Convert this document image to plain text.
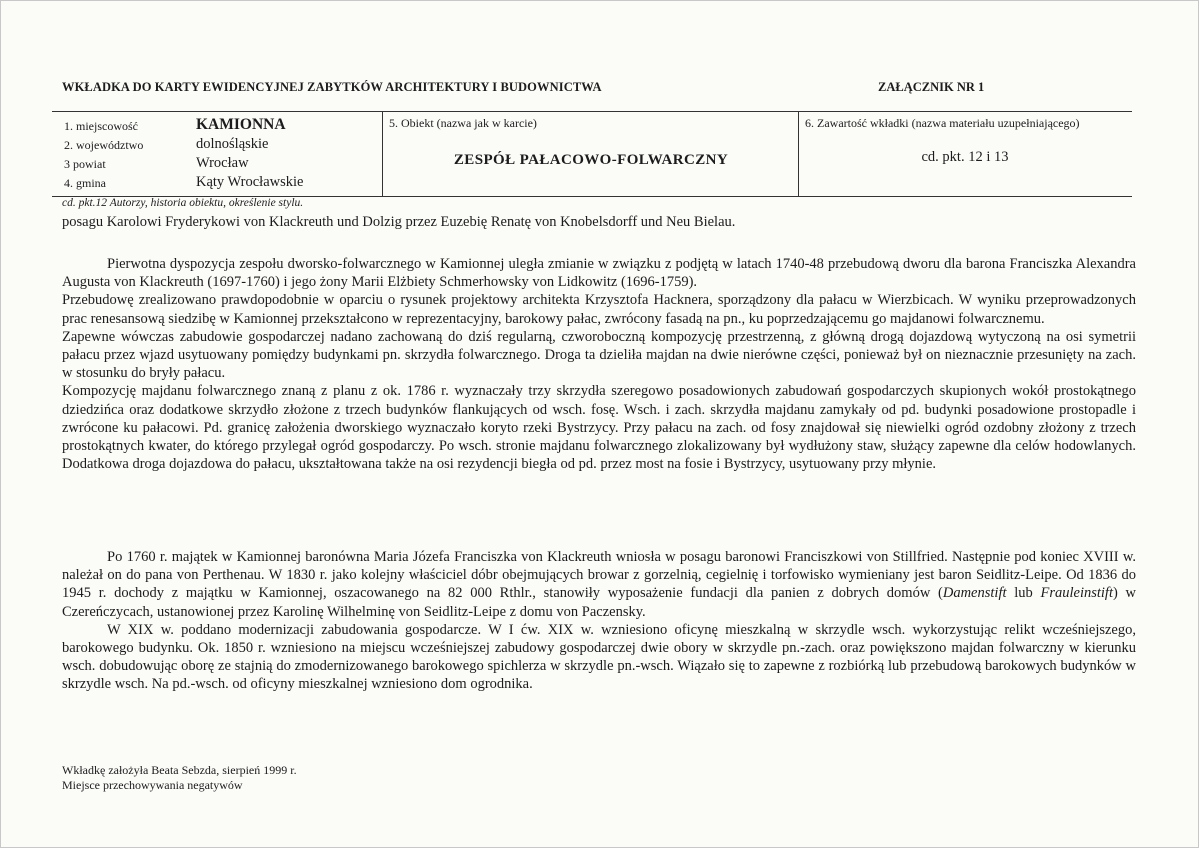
WKŁADKA DO KARTY EWIDENCYJNEJ ZABYTKÓW ARCHITEKTURY I BUDOWNICTWA	ZAŁĄCZNIK NR 1
1. miejscowość	KAMIONNA
2. województwo	dolnośląskie
3 powiat	Wrocław
4. gmina	Kąty Wrocławskie
5. Obiekt (nazwa jak w karcie)
ZESPÓŁ PAŁACOWO-FOLWARCZNY
6. Zawartość wkładki (nazwa materiału uzupełniającego)
cd. pkt. 12 i 13
cd. pkt.12 Autorzy, historia obiektu, określenie stylu.
posagu Karolowi Fryderykowi von Klackreuth und Dolzig przez Euzebię Renatę von Knobelsdorff und Neu Bielau.

Pierwotna dyspozycja zespołu dworsko-folwarcznego w Kamionnej uległa zmianie w związku z podjętą w latach 1740-48 przebudową dworu dla barona Franciszka Alexandra Augusta von Klackreuth (1697-1760) i jego żony Marii Elżbiety Schmerhowsky von Lidkowitz (1696-1759).

Przebudowę zrealizowano prawdopodobnie w oparciu o rysunek projektowy architekta Krzysztofa Hacknera, sporządzony dla pałacu w Wierzbicach. W wyniku przeprowadzonych prac renesansową siedzibę w Kamionnej przekształcono w reprezentacyjny, barokowy pałac, zwrócony fasadą na pn., ku poprzedzającemu go majdanowi folwarcznemu.

Zapewne wówczas zabudowie gospodarczej nadano zachowaną do dziś regularną, czworoboczną kompozycję przestrzenną, z główną drogą dojazdową wytyczoną na osi symetrii pałacu przez wjazd usytuowany pomiędzy budynkami pn. skrzydła folwarcznego. Droga ta dzieliła majdan na dwie nierówne części, ponieważ był on nieznacznie przesunięty na zach. w stosunku do bryły pałacu.

Kompozycję majdanu folwarcznego znaną z planu z ok. 1786 r. wyznaczały trzy skrzydła szeregowo posadowionych zabudowań gospodarczych skupionych wokół prostokątnego dziedzińca oraz dodatkowe skrzydło złożone z trzech budynków flankujących od wsch. fosę. Wsch. i zach. skrzydła majdanu zamykały od pd. budynki posadowione prostopadle i zwrócone ku pałacowi. Pd. granicę założenia dworskiego wyznaczało koryto rzeki Bystrzycy. Przy pałacu na zach. od fosy znajdował się niewielki ogród ozdobny złożony z trzech prostokątnych kwater, do którego przylegał ogród gospodarczy. Po wsch. stronie majdanu folwarcznego zlokalizowany był wydłużony staw, służący zapewne dla celów hodowlanych. Dodatkowa droga dojazdowa do pałacu, ukształtowana także na osi rezydencji biegła od pd. przez most na fosie i Bystrzycy, usytuowany przy młynie.

Po 1760 r. majątek w Kamionnej baronówna Maria Józefa Franciszka von Klackreuth wniosła w posagu baronowi Franciszkowi von Stillfried. Następnie pod koniec XVIII w. należał on do pana von Perthenau. W 1830 r. jako kolejny właściciel dóbr obejmujących browar z gorzelnią, cegielnię i torfowisko wymieniany jest baron Seidlitz-Leipe. Od 1836 do 1945 r. dochody z majątku w Kamionnej, oszacowanego na 82 000 Rthlr., stanowiły wyposażenie fundacji dla panien z dobrych domów (Damenstift lub Frauleinstift) w Czereńczycach, ustanowionej przez Karolinę Wilhelminę von Seidlitz-Leipe z domu von Paczensky.

W XIX w. poddano modernizacji zabudowania gospodarcze. W I ćw. XIX w. wzniesiono oficynę mieszkalną w skrzydle wsch. wykorzystując relikt wcześniejszego, barokowego budynku. Ok. 1850 r. wzniesiono na miejscu wcześniejszej zabudowy gospodarczej dwie obory w skrzydle pn.-zach. oraz powiększono majdan folwarczny w kierunku wsch. dobudowując oborę ze stajnią do zmodernizowanego barokowego spichlerza w skrzydle pn.-wsch. Wiązało się to zapewne z rozbiórką lub przebudową barokowych budynków w skrzydle wsch. Na pd.-wsch. od oficyny mieszkalnej wzniesiono dom ogrodnika.

Wkładkę założyła Beata Sebzda, sierpień 1999 r.
Miejsce przechowywania negatywów
